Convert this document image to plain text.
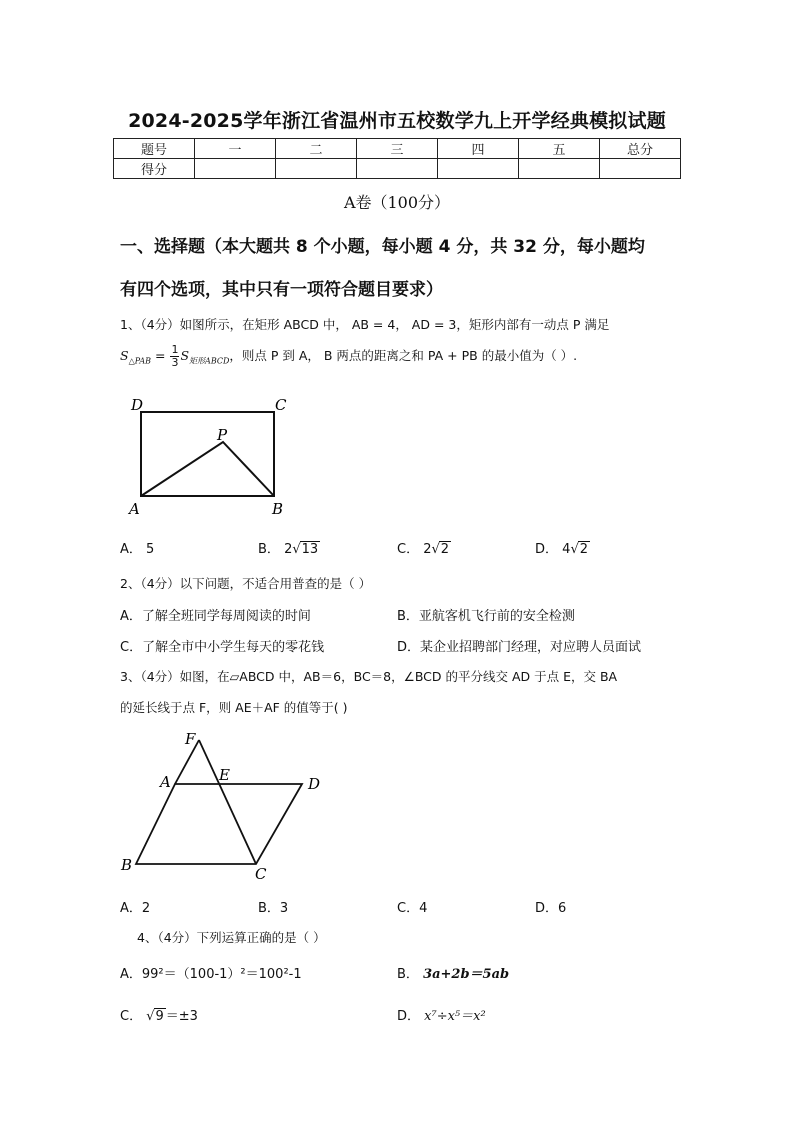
2024-2025学年浙江省温州市五校数学九上开学经典模拟试题
题号	一	二	三	四	五	总分
得分						
A卷（100分）
一、选择题（本大题共 8 个小题，每小题 4 分，共 32 分，每小题均
有四个选项，其中只有一项符合题目要求）
1、（4分）如图所示，在矩形 ABCD 中， AB = 4， AD = 3，矩形内部有一动点 P 满足
$S_{\triangle PAB} = \frac{1}{3} S_{矩形ABCD}$，则点 P 到 A， B 两点的距离之和 PA + PB 的最小值为（ ）.
D	C
P
A	B
A． 5	B． 2√13	C． 2√2	D． 4√2
2、（4分）以下问题，不适合用普查的是（ ）
A．了解全班同学每周阅读的时间	B．亚航客机飞行前的安全检测
C．了解全市中小学生每天的零花钱	D．某企业招聘部门经理，对应聘人员面试
3、（4分）如图，在▱ABCD 中，AB＝6，BC＝8，∠BCD 的平分线交 AD 于点 E，交 BA
的延长线于点 F，则 AE＋AF 的值等于( )
F
A	E	D
B	C
A．2	B．3	C．4	D．6
4、（4分）下列运算正确的是（ ）
A．99²＝（100-1）²＝100²-1	B． 3a+2b＝5ab
C． √9 ＝±3	D． x⁷÷x⁵＝x²
